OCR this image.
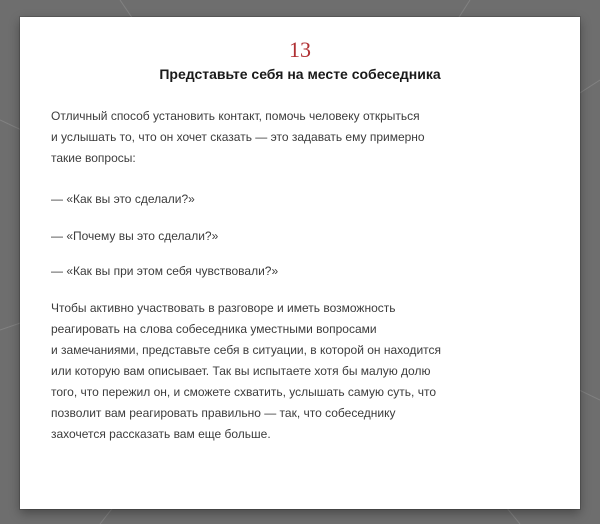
13
Представьте себя на месте собеседника
Отличный способ установить контакт, помочь человеку открыться
и услышать то, что он хочет сказать — это задавать ему примерно
такие вопросы:
— «Как вы это сделали?»
— «Почему вы это сделали?»
— «Как вы при этом себя чувствовали?»
Чтобы активно участвовать в разговоре и иметь возможность
реагировать на слова собеседника уместными вопросами
и замечаниями, представьте себя в ситуации, в которой он находится
или которую вам описывает. Так вы испытаете хотя бы малую долю
того, что пережил он, и сможете схватить, услышать самую суть, что
позволит вам реагировать правильно — так, что собеседнику
захочется рассказать вам еще больше.
